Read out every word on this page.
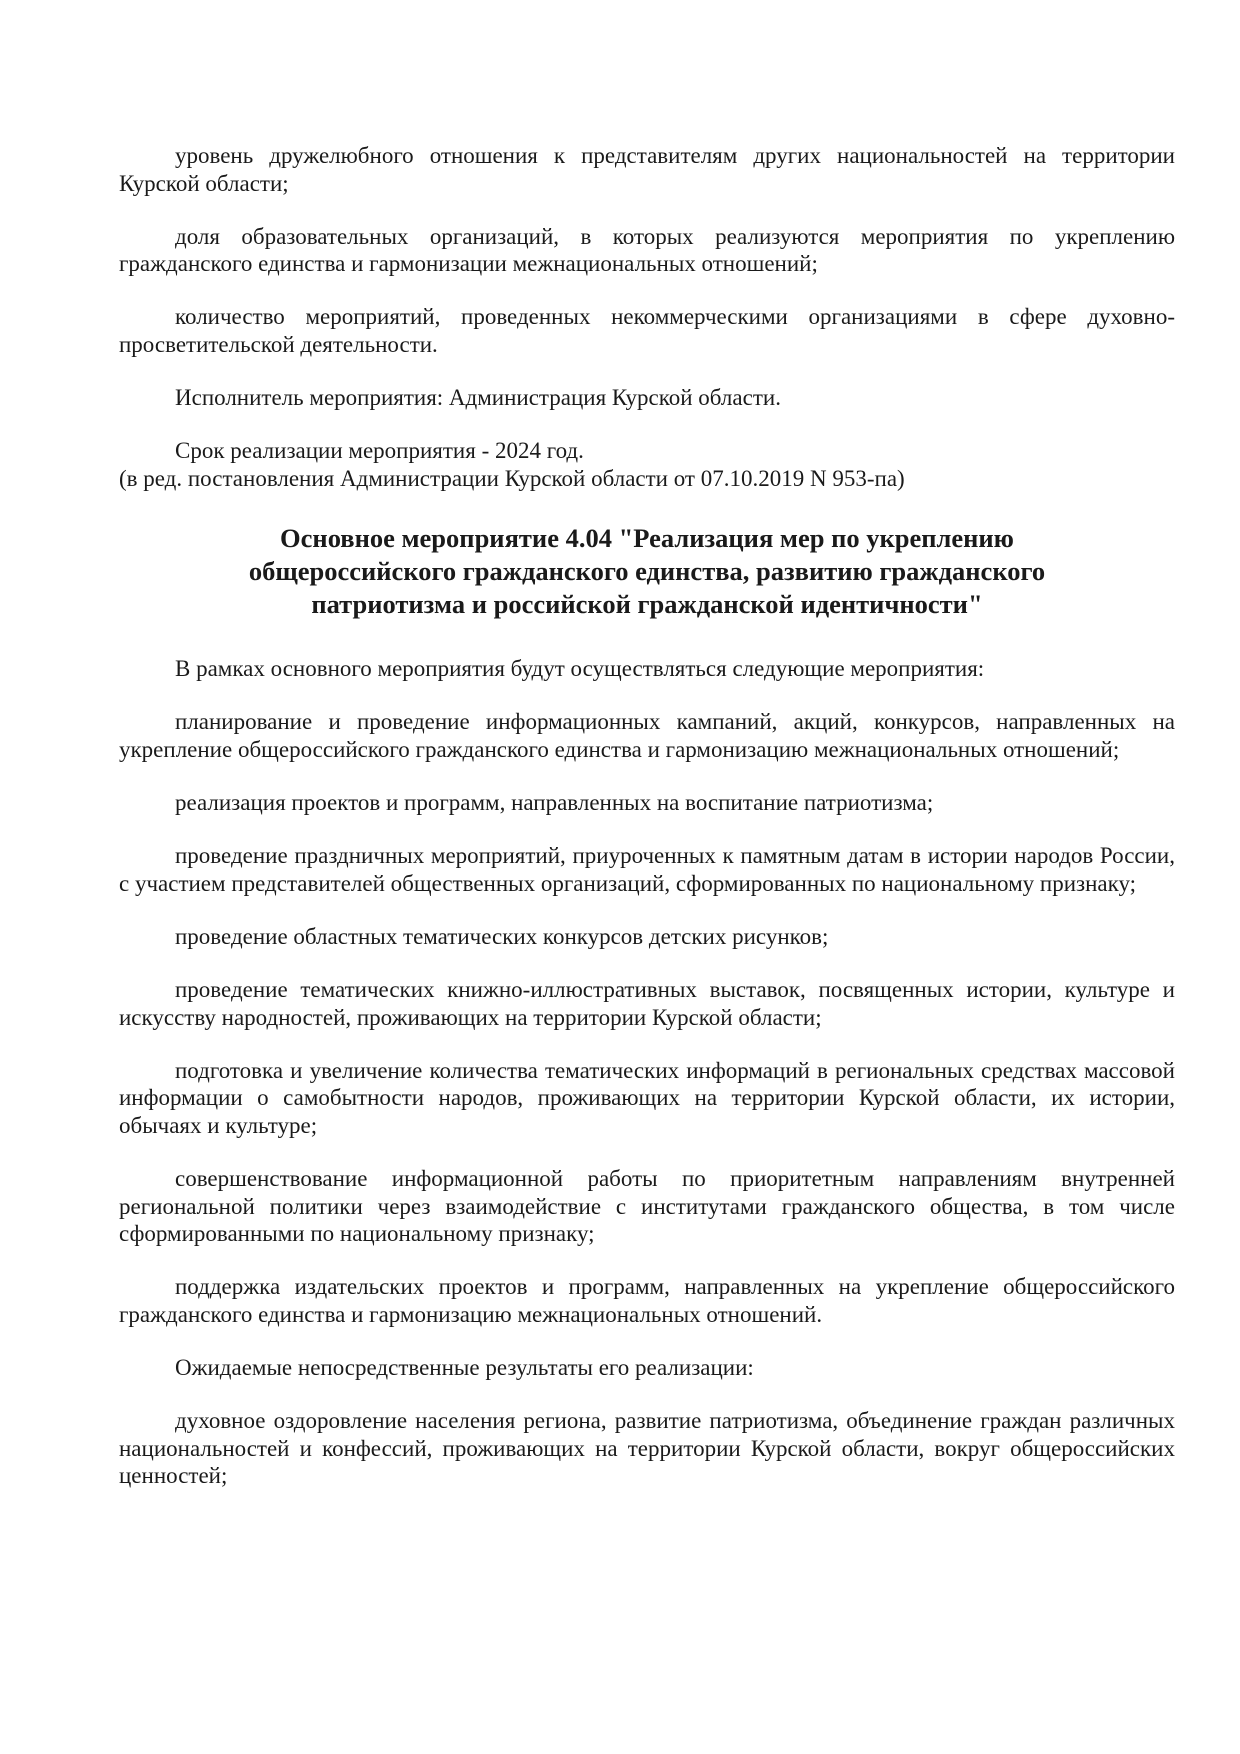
уровень дружелюбного отношения к представителям других национальностей на территории Курской области;

доля образовательных организаций, в которых реализуются мероприятия по укреплению гражданского единства и гармонизации межнациональных отношений;

количество мероприятий, проведенных некоммерческими организациями в сфере духовно-просветительской деятельности.

Исполнитель мероприятия: Администрация Курской области.

Срок реализации мероприятия - 2024 год.

(в ред. постановления Администрации Курской области от 07.10.2019 N 953-па)

Основное мероприятие 4.04 "Реализация мер по укреплению
общероссийского гражданского единства, развитию гражданского
патриотизма и российской гражданской идентичности"

В рамках основного мероприятия будут осуществляться следующие мероприятия:

планирование и проведение информационных кампаний, акций, конкурсов, направленных на укрепление общероссийского гражданского единства и гармонизацию межнациональных отношений;

реализация проектов и программ, направленных на воспитание патриотизма;

проведение праздничных мероприятий, приуроченных к памятным датам в истории народов России, с участием представителей общественных организаций, сформированных по национальному признаку;

проведение областных тематических конкурсов детских рисунков;

проведение тематических книжно-иллюстративных выставок, посвященных истории, культуре и искусству народностей, проживающих на территории Курской области;

подготовка и увеличение количества тематических информаций в региональных средствах массовой информации о самобытности народов, проживающих на территории Курской области, их истории, обычаях и культуре;

совершенствование информационной работы по приоритетным направлениям внутренней региональной политики через взаимодействие с институтами гражданского общества, в том числе сформированными по национальному признаку;

поддержка издательских проектов и программ, направленных на укрепление общероссийского гражданского единства и гармонизацию межнациональных отношений.

Ожидаемые непосредственные результаты его реализации:

духовное оздоровление населения региона, развитие патриотизма, объединение граждан различных национальностей и конфессий, проживающих на территории Курской области, вокруг общероссийских ценностей;
